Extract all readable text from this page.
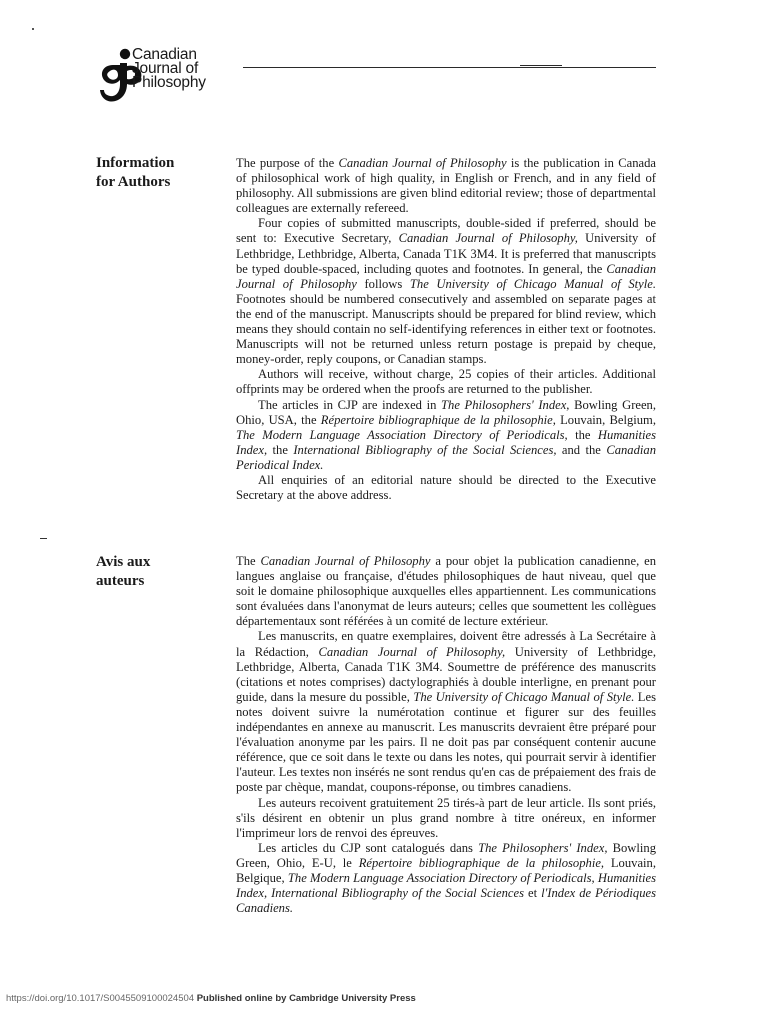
Canadian
Journal of
Philosophy
Information
for Authors

The purpose of the Canadian Journal of Philosophy is the publication in Canada of philosophical work of high quality, in English or French, and in any field of philosophy. All submissions are given blind editorial review; those of departmental colleagues are externally refereed.

Four copies of submitted manuscripts, double-sided if preferred, should be sent to: Executive Secretary, Canadian Journal of Philosophy, University of Lethbridge, Lethbridge, Alberta, Canada T1K 3M4. It is preferred that manuscripts be typed double-spaced, including quotes and footnotes. In general, the Canadian Journal of Philosophy follows The University of Chicago Manual of Style. Footnotes should be numbered consecutively and assembled on separate pages at the end of the manuscript. Manuscripts should be prepared for blind review, which means they should contain no self-identifying references in either text or footnotes. Manuscripts will not be returned unless return postage is prepaid by cheque, money-order, reply coupons, or Canadian stamps.

Authors will receive, without charge, 25 copies of their articles. Additional offprints may be ordered when the proofs are returned to the publisher.

The articles in CJP are indexed in The Philosophers' Index, Bowling Green, Ohio, USA, the Répertoire bibliographique de la philosophie, Louvain, Belgium, The Modern Language Association Directory of Periodicals, the Humanities Index, the International Bibliography of the Social Sciences, and the Canadian Periodical Index.

All enquiries of an editorial nature should be directed to the Executive Secretary at the above address.

Avis aux
auteurs

The Canadian Journal of Philosophy a pour objet la publication canadienne, en langues anglaise ou française, d'études philosophiques de haut niveau, quel que soit le domaine philosophique auxquelles elles appartiennent. Les communications sont évaluées dans l'anonymat de leurs auteurs; celles que soumettent les collègues départementaux sont référées à un comité de lecture extérieur.

Les manuscrits, en quatre exemplaires, doivent être adressés à La Secrétaire à la Rédaction, Canadian Journal of Philosophy, University of Lethbridge, Lethbridge, Alberta, Canada T1K 3M4. Soumettre de préférence des manuscrits (citations et notes comprises) dactylographiés à double interligne, en prenant pour guide, dans la mesure du possible, The University of Chicago Manual of Style. Les notes doivent suivre la numérotation continue et figurer sur des feuilles indépendantes en annexe au manuscrit. Les manuscrits devraient être préparé pour l'évaluation anonyme par les pairs. Il ne doit pas par conséquent contenir aucune référence, que ce soit dans le texte ou dans les notes, qui pourrait servir à identifier l'auteur. Les textes non insérés ne sont rendus qu'en cas de prépaiement des frais de poste par chèque, mandat, coupons-réponse, ou timbres canadiens.

Les auteurs recoivent gratuitement 25 tirés-à part de leur article. Ils sont priés, s'ils désirent en obtenir un plus grand nombre à titre onéreux, en informer l'imprimeur lors de renvoi des épreuves.

Les articles du CJP sont catalogués dans The Philosophers' Index, Bowling Green, Ohio, E-U, le Répertoire bibliographique de la philosophie, Louvain, Belgique, The Modern Language Association Directory of Periodicals, Humanities Index, International Bibliography of the Social Sciences et l'Index de Périodiques Canadiens.

https://doi.org/10.1017/S0045509100024504 Published online by Cambridge University Press
